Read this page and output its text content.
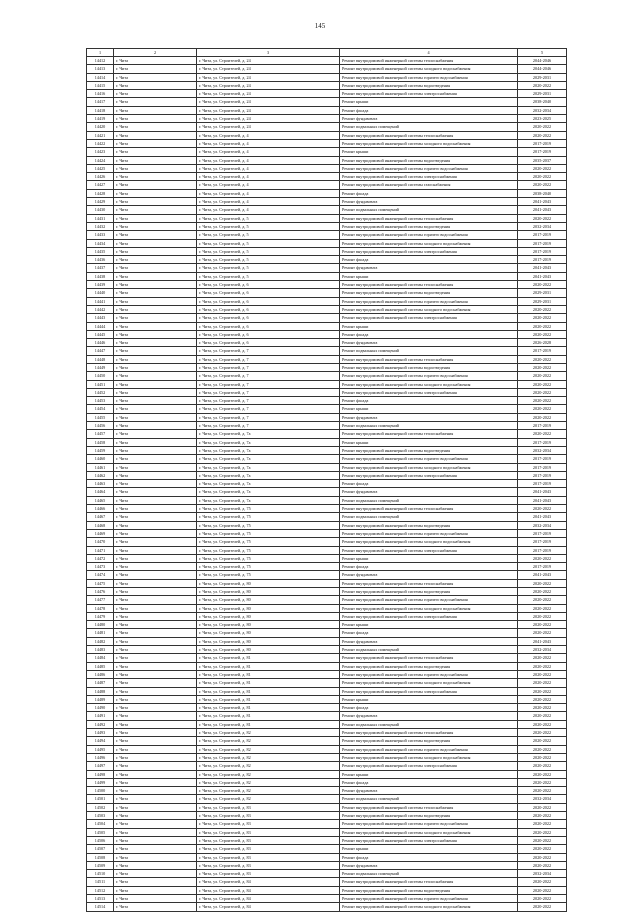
145
1	2	3	4	5
14412	г. Чита	г. Чита, ул. Строителей, д. 24	Ремонт внутридомовой инженерной системы теплоснабжения	2044-2046
14413	г. Чита	г. Чита, ул. Строителей, д. 24	Ремонт внутридомовой инженерной системы холодного водоснабжения	2044-2046
14414	г. Чита	г. Чита, ул. Строителей, д. 24	Ремонт внутридомовой инженерной системы горячего водоснабжения	2029-2031
14415	г. Чита	г. Чита, ул. Строителей, д. 24	Ремонт внутридомовой инженерной системы водоотведения	2020-2022
14416	г. Чита	г. Чита, ул. Строителей, д. 24	Ремонт внутридомовой инженерной системы электроснабжения	2029-2031
14417	г. Чита	г. Чита, ул. Строителей, д. 24	Ремонт крыши	2038-2040
14418	г. Чита	г. Чита, ул. Строителей, д. 24	Ремонт фасада	2032-2034
14419	г. Чита	г. Чита, ул. Строителей, д. 24	Ремонт фундамента	2023-2025
14420	г. Чита	г. Чита, ул. Строителей, д. 24	Ремонт подвальных помещений	2020-2022
14421	г. Чита	г. Чита, ул. Строителей, д. 4	Ремонт внутридомовой инженерной системы теплоснабжения	2020-2022
14422	г. Чита	г. Чита, ул. Строителей, д. 4	Ремонт внутридомовой инженерной системы холодного водоснабжения	2017-2019
14423	г. Чита	г. Чита, ул. Строителей, д. 4	Ремонт крыши	2017-2019
14424	г. Чита	г. Чита, ул. Строителей, д. 4	Ремонт внутридомовой инженерной системы водоотведения	2035-2037
14425	г. Чита	г. Чита, ул. Строителей, д. 4	Ремонт внутридомовой инженерной системы горячего водоснабжения	2020-2022
14426	г. Чита	г. Чита, ул. Строителей, д. 4	Ремонт внутридомовой инженерной системы электроснабжения	2020-2022
14427	г. Чита	г. Чита, ул. Строителей, д. 4	Ремонт внутридомовой инженерной системы газоснабжения	2020-2022
14428	г. Чита	г. Чита, ул. Строителей, д. 4	Ремонт фасада	2038-2040
14429	г. Чита	г. Чита, ул. Строителей, д. 4	Ремонт фундамента	2041-2043
14430	г. Чита	г. Чита, ул. Строителей, д. 4	Ремонт подвальных помещений	2041-2043
14431	г. Чита	г. Чита, ул. Строителей, д. 5	Ремонт внутридомовой инженерной системы теплоснабжения	2020-2022
14432	г. Чита	г. Чита, ул. Строителей, д. 5	Ремонт внутридомовой инженерной системы водоотведения	2032-2034
14433	г. Чита	г. Чита, ул. Строителей, д. 5	Ремонт внутридомовой инженерной системы горячего водоснабжения	2017-2019
14434	г. Чита	г. Чита, ул. Строителей, д. 5	Ремонт внутридомовой инженерной системы холодного водоснабжения	2017-2019
14435	г. Чита	г. Чита, ул. Строителей, д. 5	Ремонт внутридомовой инженерной системы электроснабжения	2017-2019
14436	г. Чита	г. Чита, ул. Строителей, д. 5	Ремонт фасада	2017-2019
14437	г. Чита	г. Чита, ул. Строителей, д. 5	Ремонт фундамента	2041-2043
14438	г. Чита	г. Чита, ул. Строителей, д. 5	Ремонт крыши	2041-2043
14439	г. Чита	г. Чита, ул. Строителей, д. 6	Ремонт внутридомовой инженерной системы теплоснабжения	2020-2022
14440	г. Чита	г. Чита, ул. Строителей, д. 6	Ремонт внутридомовой инженерной системы водоотведения	2029-2031
14441	г. Чита	г. Чита, ул. Строителей, д. 6	Ремонт внутридомовой инженерной системы горячего водоснабжения	2029-2031
14442	г. Чита	г. Чита, ул. Строителей, д. 6	Ремонт внутридомовой инженерной системы холодного водоснабжения	2020-2022
14443	г. Чита	г. Чита, ул. Строителей, д. 6	Ремонт внутридомовой инженерной системы электроснабжения	2020-2022
14444	г. Чита	г. Чита, ул. Строителей, д. 6	Ремонт крыши	2020-2022
14445	г. Чита	г. Чита, ул. Строителей, д. 6	Ремонт фасада	2020-2022
14446	г. Чита	г. Чита, ул. Строителей, д. 6	Ремонт фундамента	2026-2028
14447	г. Чита	г. Чита, ул. Строителей, д. 7	Ремонт подвальных помещений	2017-2019
14448	г. Чита	г. Чита, ул. Строителей, д. 7	Ремонт внутридомовой инженерной системы теплоснабжения	2020-2022
14449	г. Чита	г. Чита, ул. Строителей, д. 7	Ремонт внутридомовой инженерной системы водоотведения	2020-2022
14450	г. Чита	г. Чита, ул. Строителей, д. 7	Ремонт внутридомовой инженерной системы горячего водоснабжения	2020-2022
14451	г. Чита	г. Чита, ул. Строителей, д. 7	Ремонт внутридомовой инженерной системы холодного водоснабжения	2020-2022
14452	г. Чита	г. Чита, ул. Строителей, д. 7	Ремонт внутридомовой инженерной системы электроснабжения	2020-2022
14453	г. Чита	г. Чита, ул. Строителей, д. 7	Ремонт фасада	2020-2022
14454	г. Чита	г. Чита, ул. Строителей, д. 7	Ремонт крыши	2020-2022
14455	г. Чита	г. Чита, ул. Строителей, д. 7	Ремонт фундамента	2020-2022
14456	г. Чита	г. Чита, ул. Строителей, д. 7	Ремонт подвальных помещений	2017-2019
14457	г. Чита	г. Чита, ул. Строителей, д. 7а	Ремонт внутридомовой инженерной системы теплоснабжения	2020-2022
14458	г. Чита	г. Чита, ул. Строителей, д. 7а	Ремонт крыши	2017-2019
14459	г. Чита	г. Чита, ул. Строителей, д. 7а	Ремонт внутридомовой инженерной системы водоотведения	2032-2034
14460	г. Чита	г. Чита, ул. Строителей, д. 7а	Ремонт внутридомовой инженерной системы горячего водоснабжения	2017-2019
14461	г. Чита	г. Чита, ул. Строителей, д. 7а	Ремонт внутридомовой инженерной системы холодного водоснабжения	2017-2019
14462	г. Чита	г. Чита, ул. Строителей, д. 7а	Ремонт внутридомовой инженерной системы электроснабжения	2017-2019
14463	г. Чита	г. Чита, ул. Строителей, д. 7а	Ремонт фасада	2017-2019
14464	г. Чита	г. Чита, ул. Строителей, д. 7а	Ремонт фундамента	2041-2043
14465	г. Чита	г. Чита, ул. Строителей, д. 7а	Ремонт подвальных помещений	2041-2043
14466	г. Чита	г. Чита, ул. Строителей, д. 75	Ремонт внутридомовой инженерной системы теплоснабжения	2020-2022
14467	г. Чита	г. Чита, ул. Строителей, д. 75	Ремонт подвальных помещений	2041-2043
14468	г. Чита	г. Чита, ул. Строителей, д. 75	Ремонт внутридомовой инженерной системы водоотведения	2032-2034
14469	г. Чита	г. Чита, ул. Строителей, д. 75	Ремонт внутридомовой инженерной системы горячего водоснабжения	2017-2019
14470	г. Чита	г. Чита, ул. Строителей, д. 75	Ремонт внутридомовой инженерной системы холодного водоснабжения	2017-2019
14471	г. Чита	г. Чита, ул. Строителей, д. 75	Ремонт внутридомовой инженерной системы электроснабжения	2017-2019
14472	г. Чита	г. Чита, ул. Строителей, д. 75	Ремонт крыши	2020-2022
14473	г. Чита	г. Чита, ул. Строителей, д. 75	Ремонт фасада	2017-2019
14474	г. Чита	г. Чита, ул. Строителей, д. 75	Ремонт фундамента	2041-2043
14475	г. Чита	г. Чита, ул. Строителей, д. 80	Ремонт внутридомовой инженерной системы теплоснабжения	2020-2022
14476	г. Чита	г. Чита, ул. Строителей, д. 80	Ремонт внутридомовой инженерной системы водоотведения	2020-2022
14477	г. Чита	г. Чита, ул. Строителей, д. 80	Ремонт внутридомовой инженерной системы горячего водоснабжения	2020-2022
14478	г. Чита	г. Чита, ул. Строителей, д. 80	Ремонт внутридомовой инженерной системы холодного водоснабжения	2020-2022
14479	г. Чита	г. Чита, ул. Строителей, д. 80	Ремонт внутридомовой инженерной системы электроснабжения	2020-2022
14480	г. Чита	г. Чита, ул. Строителей, д. 80	Ремонт крыши	2020-2022
14481	г. Чита	г. Чита, ул. Строителей, д. 80	Ремонт фасада	2020-2022
14482	г. Чита	г. Чита, ул. Строителей, д. 80	Ремонт фундамента	2041-2043
14483	г. Чита	г. Чита, ул. Строителей, д. 80	Ремонт подвальных помещений	2032-2034
14484	г. Чита	г. Чита, ул. Строителей, д. 81	Ремонт внутридомовой инженерной системы теплоснабжения	2020-2022
14485	г. Чита	г. Чита, ул. Строителей, д. 81	Ремонт внутридомовой инженерной системы водоотведения	2020-2022
14486	г. Чита	г. Чита, ул. Строителей, д. 81	Ремонт внутридомовой инженерной системы горячего водоснабжения	2020-2022
14487	г. Чита	г. Чита, ул. Строителей, д. 81	Ремонт внутридомовой инженерной системы холодного водоснабжения	2020-2022
14488	г. Чита	г. Чита, ул. Строителей, д. 81	Ремонт внутридомовой инженерной системы электроснабжения	2020-2022
14489	г. Чита	г. Чита, ул. Строителей, д. 81	Ремонт крыши	2020-2022
14490	г. Чита	г. Чита, ул. Строителей, д. 81	Ремонт фасада	2020-2022
14491	г. Чита	г. Чита, ул. Строителей, д. 81	Ремонт фундамента	2020-2022
14492	г. Чита	г. Чита, ул. Строителей, д. 81	Ремонт подвальных помещений	2020-2022
14493	г. Чита	г. Чита, ул. Строителей, д. 82	Ремонт внутридомовой инженерной системы теплоснабжения	2020-2022
14494	г. Чита	г. Чита, ул. Строителей, д. 82	Ремонт внутридомовой инженерной системы водоотведения	2020-2022
14495	г. Чита	г. Чита, ул. Строителей, д. 82	Ремонт внутридомовой инженерной системы горячего водоснабжения	2020-2022
14496	г. Чита	г. Чита, ул. Строителей, д. 82	Ремонт внутридомовой инженерной системы холодного водоснабжения	2020-2022
14497	г. Чита	г. Чита, ул. Строителей, д. 82	Ремонт внутридомовой инженерной системы электроснабжения	2020-2022
14498	г. Чита	г. Чита, ул. Строителей, д. 82	Ремонт крыши	2020-2022
14499	г. Чита	г. Чита, ул. Строителей, д. 82	Ремонт фасада	2020-2022
14500	г. Чита	г. Чита, ул. Строителей, д. 82	Ремонт фундамента	2020-2022
14501	г. Чита	г. Чита, ул. Строителей, д. 82	Ремонт подвальных помещений	2032-2034
14502	г. Чита	г. Чита, ул. Строителей, д. 83	Ремонт внутридомовой инженерной системы теплоснабжения	2020-2022
14503	г. Чита	г. Чита, ул. Строителей, д. 83	Ремонт внутридомовой инженерной системы водоотведения	2020-2022
14504	г. Чита	г. Чита, ул. Строителей, д. 83	Ремонт внутридомовой инженерной системы горячего водоснабжения	2020-2022
14505	г. Чита	г. Чита, ул. Строителей, д. 83	Ремонт внутридомовой инженерной системы холодного водоснабжения	2020-2022
14506	г. Чита	г. Чита, ул. Строителей, д. 83	Ремонт внутридомовой инженерной системы электроснабжения	2020-2022
14507	г. Чита	г. Чита, ул. Строителей, д. 83	Ремонт крыши	2020-2022
14508	г. Чита	г. Чита, ул. Строителей, д. 83	Ремонт фасада	2020-2022
14509	г. Чита	г. Чита, ул. Строителей, д. 83	Ремонт фундамента	2020-2022
14510	г. Чита	г. Чита, ул. Строителей, д. 83	Ремонт подвальных помещений	2032-2034
14511	г. Чита	г. Чита, ул. Строителей, д. 84	Ремонт внутридомовой инженерной системы теплоснабжения	2020-2022
14512	г. Чита	г. Чита, ул. Строителей, д. 84	Ремонт внутридомовой инженерной системы водоотведения	2020-2022
14513	г. Чита	г. Чита, ул. Строителей, д. 84	Ремонт внутридомовой инженерной системы горячего водоснабжения	2020-2022
14514	г. Чита	г. Чита, ул. Строителей, д. 84	Ремонт внутридомовой инженерной системы холодного водоснабжения	2020-2022
